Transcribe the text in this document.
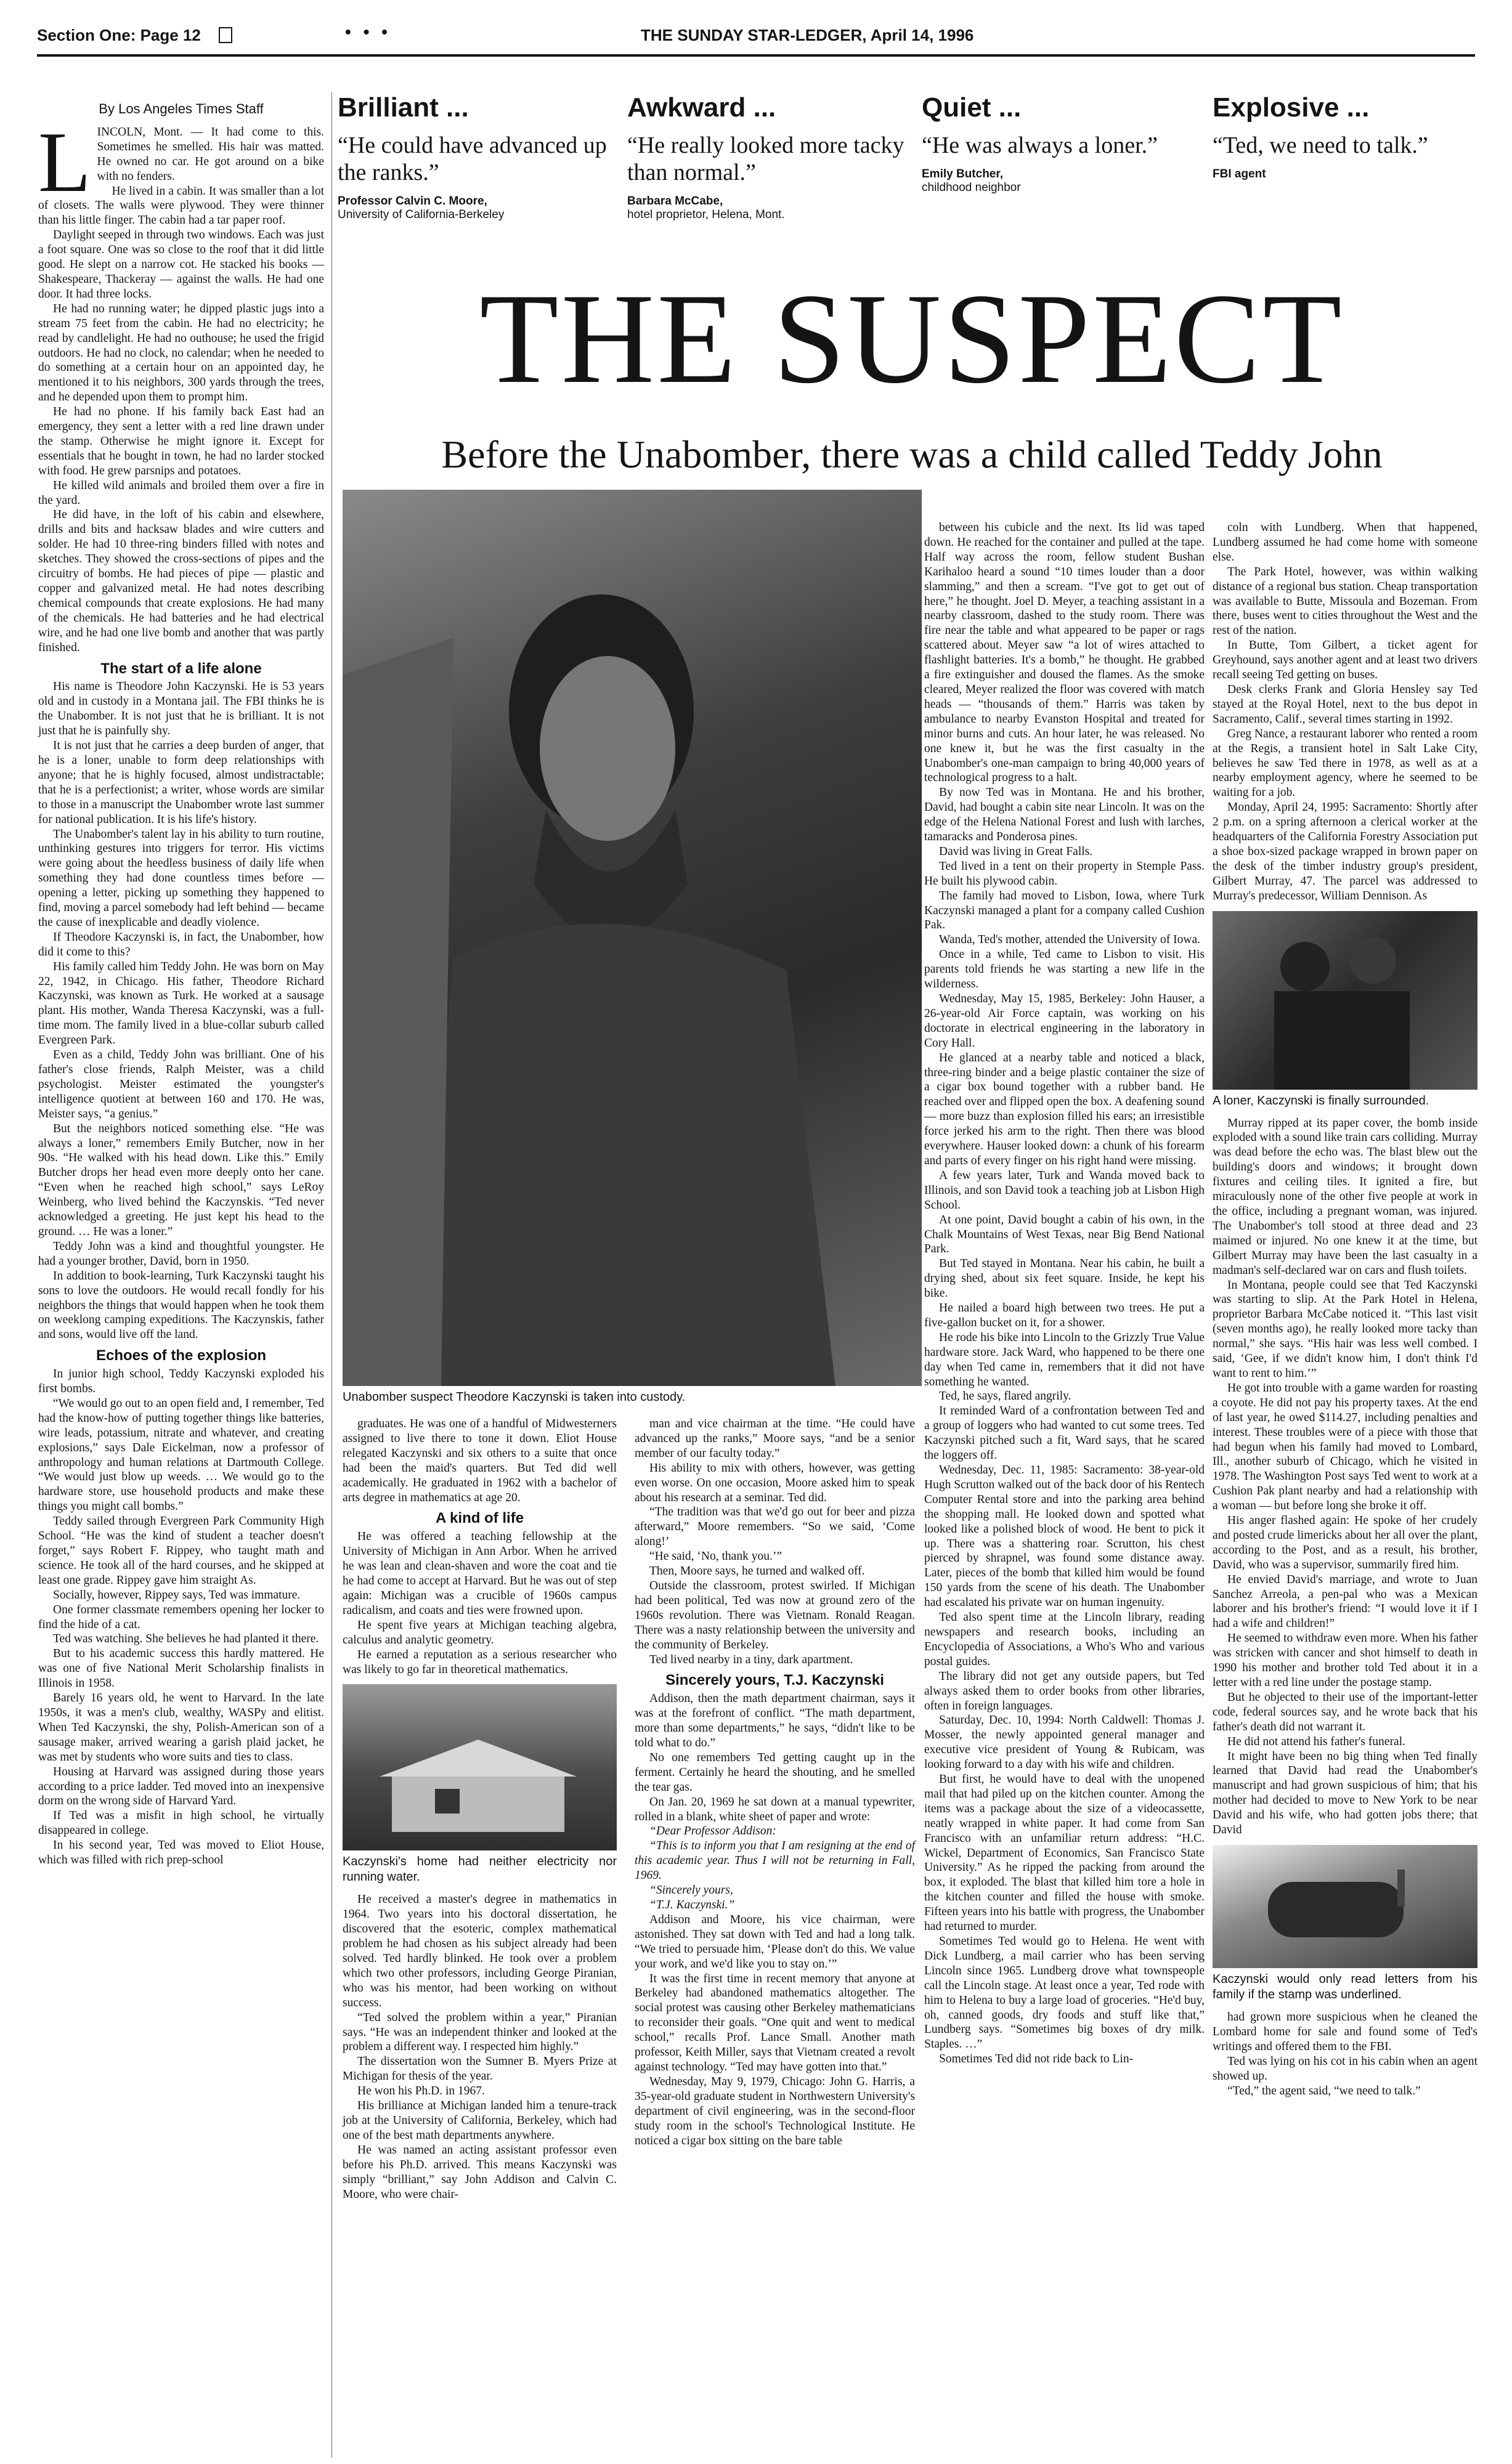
Section One: Page 12	• • •	THE SUNDAY STAR-LEDGER, April 14, 1996
By Los Angeles Times Staff

LINCOLN, Mont. — It had come to this. Sometimes he smelled. His hair was matted. He owned no car. He got around on a bike with no fenders.

He lived in a cabin. It was smaller than a lot of closets. The walls were plywood. They were thinner than his little finger. The cabin had a tar paper roof.

Daylight seeped in through two windows. Each was just a foot square. One was so close to the roof that it did little good. He slept on a narrow cot. He stacked his books — Shakespeare, Thackeray — against the walls. He had one door. It had three locks.

He had no running water; he dipped plastic jugs into a stream 75 feet from the cabin. He had no electricity; he read by candlelight. He had no outhouse; he used the frigid outdoors. He had no clock, no calendar; when he needed to do something at a certain hour on an appointed day, he mentioned it to his neighbors, 300 yards through the trees, and he depended upon them to prompt him.

He had no phone. If his family back East had an emergency, they sent a letter with a red line drawn under the stamp. Otherwise he might ignore it. Except for essentials that he bought in town, he had no larder stocked with food. He grew parsnips and potatoes.

He killed wild animals and broiled them over a fire in the yard.

He did have, in the loft of his cabin and elsewhere, drills and bits and hacksaw blades and wire cutters and solder. He had 10 three-ring binders filled with notes and sketches. They showed the cross-sections of pipes and the circuitry of bombs. He had pieces of pipe — plastic and copper and galvanized metal. He had notes describing chemical compounds that create explosions. He had many of the chemicals. He had batteries and he had electrical wire, and he had one live bomb and another that was partly finished.

The start of a life alone

His name is Theodore John Kaczynski. He is 53 years old and in custody in a Montana jail. The FBI thinks he is the Unabomber. It is not just that he is brilliant. It is not just that he is painfully shy.

It is not just that he carries a deep burden of anger, that he is a loner, unable to form deep relationships with anyone; that he is highly focused, almost undistractable; that he is a perfectionist; a writer, whose words are similar to those in a manuscript the Unabomber wrote last summer for national publication. It is his life's history.

The Unabomber's talent lay in his ability to turn routine, unthinking gestures into triggers for terror. His victims were going about the heedless business of daily life when something they had done countless times before — opening a letter, picking up something they happened to find, moving a parcel somebody had left behind — became the cause of inexplicable and deadly violence.

If Theodore Kaczynski is, in fact, the Unabomber, how did it come to this?

His family called him Teddy John. He was born on May 22, 1942, in Chicago. His father, Theodore Richard Kaczynski, was known as Turk. He worked at a sausage plant. His mother, Wanda Theresa Kaczynski, was a full-time mom. The family lived in a blue-collar suburb called Evergreen Park.

Even as a child, Teddy John was brilliant. One of his father's close friends, Ralph Meister, was a child psychologist. Meister estimated the youngster's intelligence quotient at between 160 and 170. He was, Meister says, “a genius.”

But the neighbors noticed something else. “He was always a loner,” remembers Emily Butcher, now in her 90s. “He walked with his head down. Like this.” Emily Butcher drops her head even more deeply onto her cane. “Even when he reached high school,” says LeRoy Weinberg, who lived behind the Kaczynskis. “Ted never acknowledged a greeting. He just kept his head to the ground. … He was a loner.”

Teddy John was a kind and thoughtful youngster. He had a younger brother, David, born in 1950.

In addition to book-learning, Turk Kaczynski taught his sons to love the outdoors. He would recall fondly for his neighbors the things that would happen when he took them on weeklong camping expeditions. The Kaczynskis, father and sons, would live off the land.

Echoes of the explosion

In junior high school, Teddy Kaczynski exploded his first bombs.

“We would go out to an open field and, I remember, Ted had the know-how of putting together things like batteries, wire leads, potassium, nitrate and whatever, and creating explosions,” says Dale Eickelman, now a professor of anthropology and human relations at Dartmouth College. “We would just blow up weeds. … We would go to the hardware store, use household products and make these things you might call bombs.”

Teddy sailed through Evergreen Park Community High School. “He was the kind of student a teacher doesn't forget,” says Robert F. Rippey, who taught math and science. He took all of the hard courses, and he skipped at least one grade. Rippey gave him straight As.

Socially, however, Rippey says, Ted was immature.

One former classmate remembers opening her locker to find the hide of a cat.

Ted was watching. She believes he had planted it there.

But to his academic success this hardly mattered. He was one of five National Merit Scholarship finalists in Illinois in 1958.

Barely 16 years old, he went to Harvard. In the late 1950s, it was a men's club, wealthy, WASPy and elitist. When Ted Kaczynski, the shy, Polish-American son of a sausage maker, arrived wearing a garish plaid jacket, he was met by students who wore suits and ties to class.

Housing at Harvard was assigned during those years according to a price ladder. Ted moved into an inexpensive dorm on the wrong side of Harvard Yard.

If Ted was a misfit in high school, he virtually disappeared in college.

In his second year, Ted was moved to Eliot House, which was filled with rich prep-school

Brilliant ...
“He could have advanced up the ranks.”
Professor Calvin C. Moore,
University of California-Berkeley
Awkward ...
“He really looked more tacky than normal.”
Barbara McCabe,
hotel proprietor, Helena, Mont.
Quiet ...
“He was always a loner.”
Emily Butcher,
childhood neighbor
Explosive ...
“Ted, we need to talk.”
FBI agent
THE SUSPECT
Before the Unabomber, there was a child called Teddy John
Unabomber suspect Theodore Kaczynski is taken into custody.

graduates. He was one of a handful of Midwesterners assigned to live there to tone it down. Eliot House relegated Kaczynski and six others to a suite that once had been the maid's quarters. But Ted did well academically. He graduated in 1962 with a bachelor of arts degree in mathematics at age 20.

A kind of life

He was offered a teaching fellowship at the University of Michigan in Ann Arbor. When he arrived he was lean and clean-shaven and wore the coat and tie he had come to accept at Harvard. But he was out of step again: Michigan was a crucible of 1960s campus radicalism, and coats and ties were frowned upon.

He spent five years at Michigan teaching algebra, calculus and analytic geometry.

He earned a reputation as a serious researcher who was likely to go far in theoretical mathematics.

Kaczynski's home had neither electricity nor running water.

He received a master's degree in mathematics in 1964. Two years into his doctoral dissertation, he discovered that the esoteric, complex mathematical problem he had chosen as his subject already had been solved. Ted hardly blinked. He took over a problem which two other professors, including George Piranian, who was his mentor, had been working on without success.

“Ted solved the problem within a year,” Piranian says. “He was an independent thinker and looked at the problem a different way. I respected him highly.”

The dissertation won the Sumner B. Myers Prize at Michigan for thesis of the year.

He won his Ph.D. in 1967.

His brilliance at Michigan landed him a tenure-track job at the University of California, Berkeley, which had one of the best math departments anywhere.

He was named an acting assistant professor even before his Ph.D. arrived. This means Kaczynski was simply “brilliant,” say John Addison and Calvin C. Moore, who were chair-

man and vice chairman at the time. “He could have advanced up the ranks,” Moore says, “and be a senior member of our faculty today.”

His ability to mix with others, however, was getting even worse. On one occasion, Moore asked him to speak about his research at a seminar. Ted did.

“The tradition was that we'd go out for beer and pizza afterward,” Moore remembers. “So we said, ‘Come along!’

“He said, ‘No, thank you.’”

Then, Moore says, he turned and walked off.

Outside the classroom, protest swirled. If Michigan had been political, Ted was now at ground zero of the 1960s revolution. There was Vietnam. Ronald Reagan. There was a nasty relationship between the university and the community of Berkeley.

Ted lived nearby in a tiny, dark apartment.

Sincerely yours, T.J. Kaczynski

Addison, then the math department chairman, says it was at the forefront of conflict. “The math department, more than some departments,” he says, “didn't like to be told what to do.”

No one remembers Ted getting caught up in the ferment. Certainly he heard the shouting, and he smelled the tear gas.

On Jan. 20, 1969 he sat down at a manual typewriter, rolled in a blank, white sheet of paper and wrote:

“Dear Professor Addison:

“This is to inform you that I am resigning at the end of this academic year. Thus I will not be returning in Fall, 1969.

“Sincerely yours,

“T.J. Kaczynski.”

Addison and Moore, his vice chairman, were astonished. They sat down with Ted and had a long talk. “We tried to persuade him, ‘Please don't do this. We value your work, and we'd like you to stay on.’”

It was the first time in recent memory that anyone at Berkeley had abandoned mathematics altogether. The social protest was causing other Berkeley mathematicians to reconsider their goals. “One quit and went to medical school,” recalls Prof. Lance Small. Another math professor, Keith Miller, says that Vietnam created a revolt against technology. “Ted may have gotten into that.”

Wednesday, May 9, 1979, Chicago: John G. Harris, a 35-year-old graduate student in Northwestern University's department of civil engineering, was in the second-floor study room in the school's Technological Institute. He noticed a cigar box sitting on the bare table

between his cubicle and the next. Its lid was taped down. He reached for the container and pulled at the tape. Half way across the room, fellow student Bushan Karihaloo heard a sound “10 times louder than a door slamming,” and then a scream. “I've got to get out of here,” he thought. Joel D. Meyer, a teaching assistant in a nearby classroom, dashed to the study room. There was fire near the table and what appeared to be paper or rags scattered about. Meyer saw “a lot of wires attached to flashlight batteries. It's a bomb,” he thought. He grabbed a fire extinguisher and doused the flames. As the smoke cleared, Meyer realized the floor was covered with match heads — “thousands of them.” Harris was taken by ambulance to nearby Evanston Hospital and treated for minor burns and cuts. An hour later, he was released. No one knew it, but he was the first casualty in the Unabomber's one-man campaign to bring 40,000 years of technological progress to a halt.

By now Ted was in Montana. He and his brother, David, had bought a cabin site near Lincoln. It was on the edge of the Helena National Forest and lush with larches, tamaracks and Ponderosa pines.

David was living in Great Falls.

Ted lived in a tent on their property in Stemple Pass. He built his plywood cabin.

The family had moved to Lisbon, Iowa, where Turk Kaczynski managed a plant for a company called Cushion Pak.

Wanda, Ted's mother, attended the University of Iowa.

Once in a while, Ted came to Lisbon to visit. His parents told friends he was starting a new life in the wilderness.

Wednesday, May 15, 1985, Berkeley: John Hauser, a 26-year-old Air Force captain, was working on his doctorate in electrical engineering in the laboratory in Cory Hall.

He glanced at a nearby table and noticed a black, three-ring binder and a beige plastic container the size of a cigar box bound together with a rubber band. He reached over and flipped open the box. A deafening sound — more buzz than explosion filled his ears; an irresistible force jerked his arm to the right. Then there was blood everywhere. Hauser looked down: a chunk of his forearm and parts of every finger on his right hand were missing.

A few years later, Turk and Wanda moved back to Illinois, and son David took a teaching job at Lisbon High School.

At one point, David bought a cabin of his own, in the Chalk Mountains of West Texas, near Big Bend National Park.

But Ted stayed in Montana. Near his cabin, he built a drying shed, about six feet square. Inside, he kept his bike.

He nailed a board high between two trees. He put a five-gallon bucket on it, for a shower.

He rode his bike into Lincoln to the Grizzly True Value hardware store. Jack Ward, who happened to be there one day when Ted came in, remembers that it did not have something he wanted.

Ted, he says, flared angrily.

It reminded Ward of a confrontation between Ted and a group of loggers who had wanted to cut some trees. Ted Kaczynski pitched such a fit, Ward says, that he scared the loggers off.

Wednesday, Dec. 11, 1985: Sacramento: 38-year-old Hugh Scrutton walked out of the back door of his Rentech Computer Rental store and into the parking area behind the shopping mall. He looked down and spotted what looked like a polished block of wood. He bent to pick it up. There was a shattering roar. Scrutton, his chest pierced by shrapnel, was found some distance away. Later, pieces of the bomb that killed him would be found 150 yards from the scene of his death. The Unabomber had escalated his private war on human ingenuity.

Ted also spent time at the Lincoln library, reading newspapers and research books, including an Encyclopedia of Associations, a Who's Who and various postal guides.

The library did not get any outside papers, but Ted always asked them to order books from other libraries, often in foreign languages.

Saturday, Dec. 10, 1994: North Caldwell: Thomas J. Mosser, the newly appointed general manager and executive vice president of Young & Rubicam, was looking forward to a day with his wife and children.

But first, he would have to deal with the unopened mail that had piled up on the kitchen counter. Among the items was a package about the size of a videocassette, neatly wrapped in white paper. It had come from San Francisco with an unfamiliar return address: “H.C. Wickel, Department of Economics, San Francisco State University.” As he ripped the packing from around the box, it exploded. The blast that killed him tore a hole in the kitchen counter and filled the house with smoke. Fifteen years into his battle with progress, the Unabomber had returned to murder.

Sometimes Ted would go to Helena. He went with Dick Lundberg, a mail carrier who has been serving Lincoln since 1965. Lundberg drove what townspeople call the Lincoln stage. At least once a year, Ted rode with him to Helena to buy a large load of groceries. “He'd buy, oh, canned goods, dry foods and stuff like that,” Lundberg says. “Sometimes big boxes of dry milk. Staples. …”

Sometimes Ted did not ride back to Lin-

coln with Lundberg. When that happened, Lundberg assumed he had come home with someone else.

The Park Hotel, however, was within walking distance of a regional bus station. Cheap transportation was available to Butte, Missoula and Bozeman. From there, buses went to cities throughout the West and the rest of the nation.

In Butte, Tom Gilbert, a ticket agent for Greyhound, says another agent and at least two drivers recall seeing Ted getting on buses.

Desk clerks Frank and Gloria Hensley say Ted stayed at the Royal Hotel, next to the bus depot in Sacramento, Calif., several times starting in 1992.

Greg Nance, a restaurant laborer who rented a room at the Regis, a transient hotel in Salt Lake City, believes he saw Ted there in 1978, as well as at a nearby employment agency, where he seemed to be waiting for a job.

Monday, April 24, 1995: Sacramento: Shortly after 2 p.m. on a spring afternoon a clerical worker at the headquarters of the California Forestry Association put a shoe box-sized package wrapped in brown paper on the desk of the timber industry group's president, Gilbert Murray, 47. The parcel was addressed to Murray's predecessor, William Dennison. As

A loner, Kaczynski is finally surrounded.

Murray ripped at its paper cover, the bomb inside exploded with a sound like train cars colliding. Murray was dead before the echo was. The blast blew out the building's doors and windows; it brought down fixtures and ceiling tiles. It ignited a fire, but miraculously none of the other five people at work in the office, including a pregnant woman, was injured. The Unabomber's toll stood at three dead and 23 maimed or injured. No one knew it at the time, but Gilbert Murray may have been the last casualty in a madman's self-declared war on cars and flush toilets.

In Montana, people could see that Ted Kaczynski was starting to slip. At the Park Hotel in Helena, proprietor Barbara McCabe noticed it. “This last visit (seven months ago), he really looked more tacky than normal,” she says. “His hair was less well combed. I said, ‘Gee, if we didn't know him, I don't think I'd want to rent to him.’”

He got into trouble with a game warden for roasting a coyote. He did not pay his property taxes. At the end of last year, he owed $114.27, including penalties and interest. These troubles were of a piece with those that had begun when his family had moved to Lombard, Ill., another suburb of Chicago, which he visited in 1978. The Washington Post says Ted went to work at a Cushion Pak plant nearby and had a relationship with a woman — but before long she broke it off.

His anger flashed again: He spoke of her crudely and posted crude limericks about her all over the plant, according to the Post, and as a result, his brother, David, who was a supervisor, summarily fired him.

He envied David's marriage, and wrote to Juan Sanchez Arreola, a pen-pal who was a Mexican laborer and his brother's friend: “I would love it if I had a wife and children!”

He seemed to withdraw even more. When his father was stricken with cancer and shot himself to death in 1990 his mother and brother told Ted about it in a letter with a red line under the postage stamp.

But he objected to their use of the important-letter code, federal sources say, and he wrote back that his father's death did not warrant it.

He did not attend his father's funeral.

It might have been no big thing when Ted finally learned that David had read the Unabomber's manuscript and had grown suspicious of him; that his mother had decided to move to New York to be near David and his wife, who had gotten jobs there; that David

Kaczynski would only read letters from his family if the stamp was underlined.

had grown more suspicious when he cleaned the Lombard home for sale and found some of Ted's writings and offered them to the FBI.

Ted was lying on his cot in his cabin when an agent showed up.

“Ted,” the agent said, “we need to talk.”
